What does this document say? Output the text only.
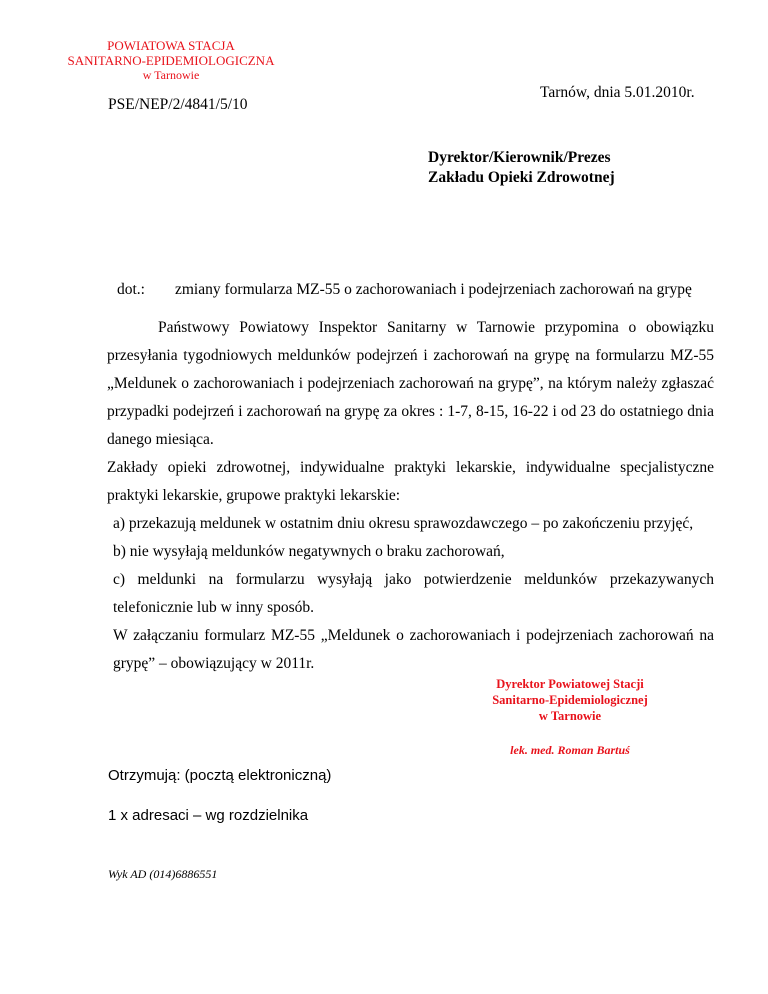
POWIATOWA STACJA
SANITARNO-EPIDEMIOLOGICZNA
w Tarnowie
Tarnów, dnia 5.01.2010r.
PSE/NEP/2/4841/5/10
Dyrektor/Kierownik/Prezes
Zakładu Opieki Zdrowotnej
dot.: zmiany formularza MZ-55 o zachorowaniach i podejrzeniach zachorowań na grypę

Państwowy Powiatowy Inspektor Sanitarny w Tarnowie przypomina o obowiązku przesyłania tygodniowych meldunków podejrzeń i zachorowań na grypę na formularzu MZ-55 „Meldunek o zachorowaniach i podejrzeniach zachorowań na grypę”, na którym należy zgłaszać przypadki podejrzeń i zachorowań na grypę za okres : 1-7, 8-15, 16-22 i od 23 do ostatniego dnia danego miesiąca.

Zakłady opieki zdrowotnej, indywidualne praktyki lekarskie, indywidualne specjalistyczne praktyki lekarskie, grupowe praktyki lekarskie:

a) przekazują meldunek w ostatnim dniu okresu sprawozdawczego – po zakończeniu przyjęć,

b) nie wysyłają meldunków negatywnych o braku zachorowań,

c) meldunki na formularzu wysyłają jako potwierdzenie meldunków przekazywanych telefonicznie lub w inny sposób.

W załączaniu formularz MZ-55 „Meldunek o zachorowaniach i podejrzeniach zachorowań na grypę” – obowiązujący w 2011r.

Dyrektor Powiatowej Stacji
Sanitarno-Epidemiologicznej
w Tarnowie
lek. med. Roman Bartuś
Otrzymują: (pocztą elektroniczną)
1 x adresaci – wg rozdzielnika
Wyk AD (014)6886551
